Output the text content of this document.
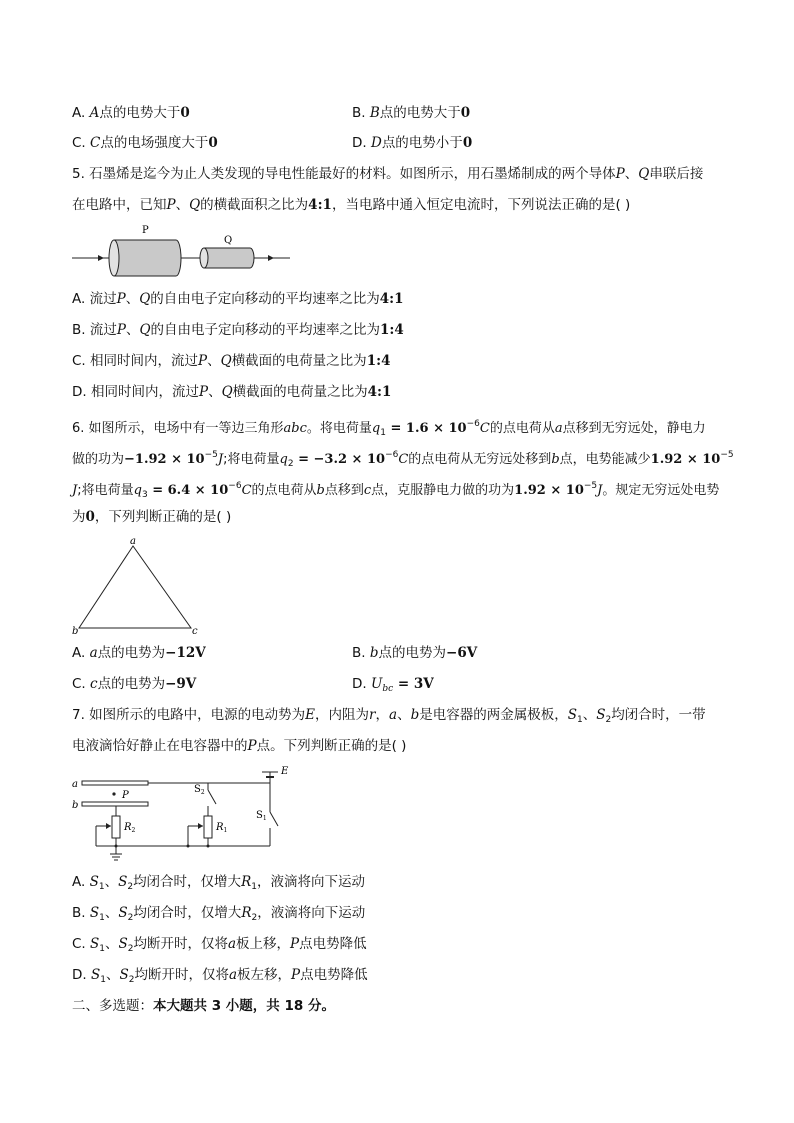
A. A点的电势大于0	B. B点的电势大于0
C. C点的电场强度大于0	D. D点的电势小于0
5. 石墨烯是迄今为止人类发现的导电性能最好的材料。如图所示，用石墨烯制成的两个导体P、Q串联后接
在电路中，已知P、Q的横截面积之比为4:1，当电路中通入恒定电流时，下列说法正确的是( )
P
Q
A. 流过P、Q的自由电子定向移动的平均速率之比为4:1
B. 流过P、Q的自由电子定向移动的平均速率之比为1:4
C. 相同时间内，流过P、Q横截面的电荷量之比为1:4
D. 相同时间内，流过P、Q横截面的电荷量之比为4:1
6. 如图所示，电场中有一等边三角形abc。将电荷量$q_1 = 1.6 \times 10^{-6}C$的点电荷从a点移到无穷远处，静电力
做的功为$-1.92 \times 10^{-5}J$;将电荷量$q_2 = -3.2 \times 10^{-6}C$的点电荷从无穷远处移到b点，电势能减少$1.92 \times 10^{-5}$
J;将电荷量$q_3 = 6.4 \times 10^{-6}C$的点电荷从b点移到c点，克服静电力做的功为$1.92 \times 10^{-5}J$。规定无穷远处电势
为0，下列判断正确的是( )
a
b	c
A. a点的电势为−12V	B. b点的电势为−6V
C. c点的电势为−9V	D. $U_{bc} = 3V$
7. 如图所示的电路中，电源的电动势为E，内阻为r，a、b是电容器的两金属极板，$S_1$、$S_2$均闭合时，一带
电液滴恰好静止在电容器中的P点。下列判断正确的是( )
a
b
P
E
$S_1$
$S_2$
$R_1$
$R_2$
A. $S_1$、$S_2$均闭合时，仅增大$R_1$，液滴将向下运动
B. $S_1$、$S_2$均闭合时，仅增大$R_2$，液滴将向下运动
C. $S_1$、$S_2$均断开时，仅将a板上移，P点电势降低
D. $S_1$、$S_2$均断开时，仅将a板左移，P点电势降低
二、多选题：本大题共 3 小题，共 18 分。
